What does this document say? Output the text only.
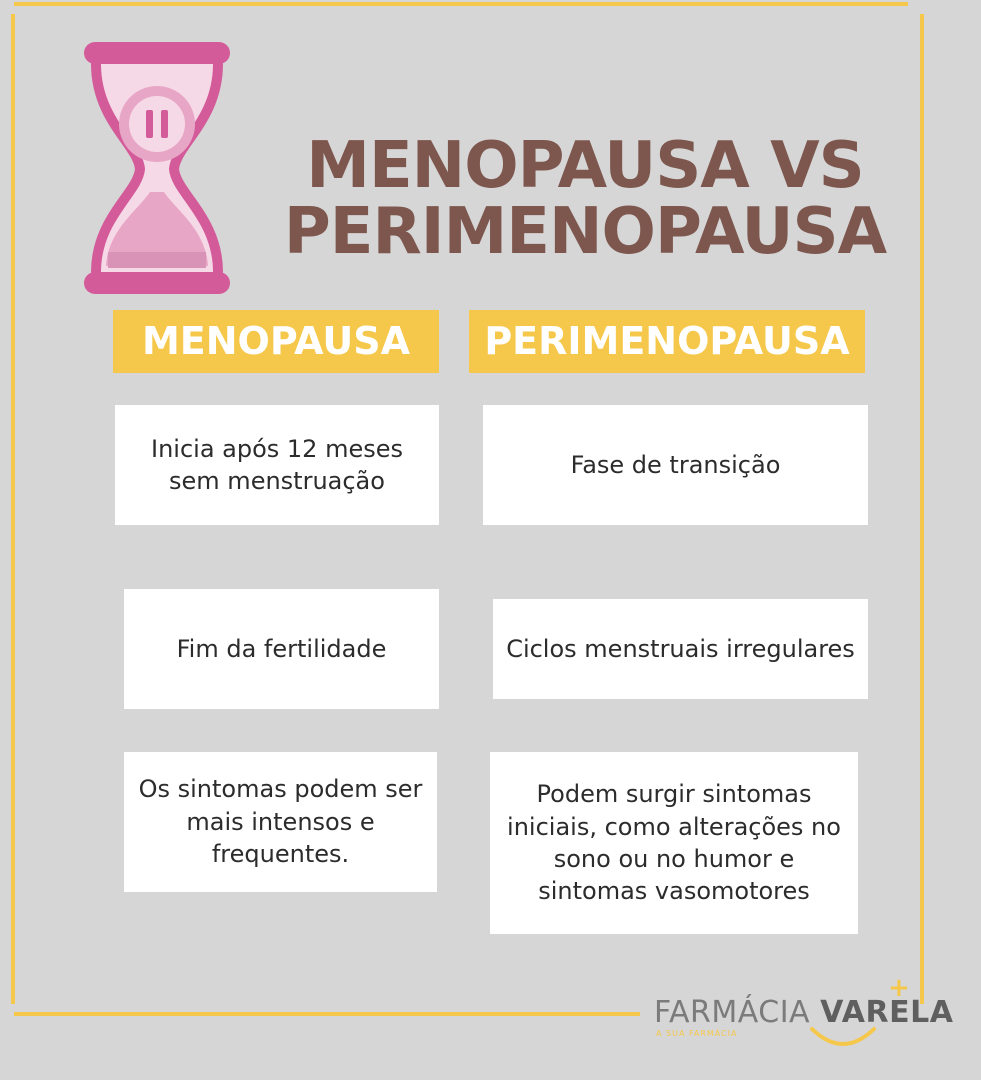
MENOPAUSA VS
PERIMENOPAUSA
MENOPAUSA	PERIMENOPAUSA
Inicia após 12 meses sem menstruação
Fim da fertilidade
Os sintomas podem ser mais intensos e frequentes.
Fase de transição
Ciclos menstruais irregulares
Podem surgir sintomas iniciais, como alterações no sono ou no humor e sintomas vasomotores
+
FARMÁCIA VARELA
A SUA FARMÁCIA
